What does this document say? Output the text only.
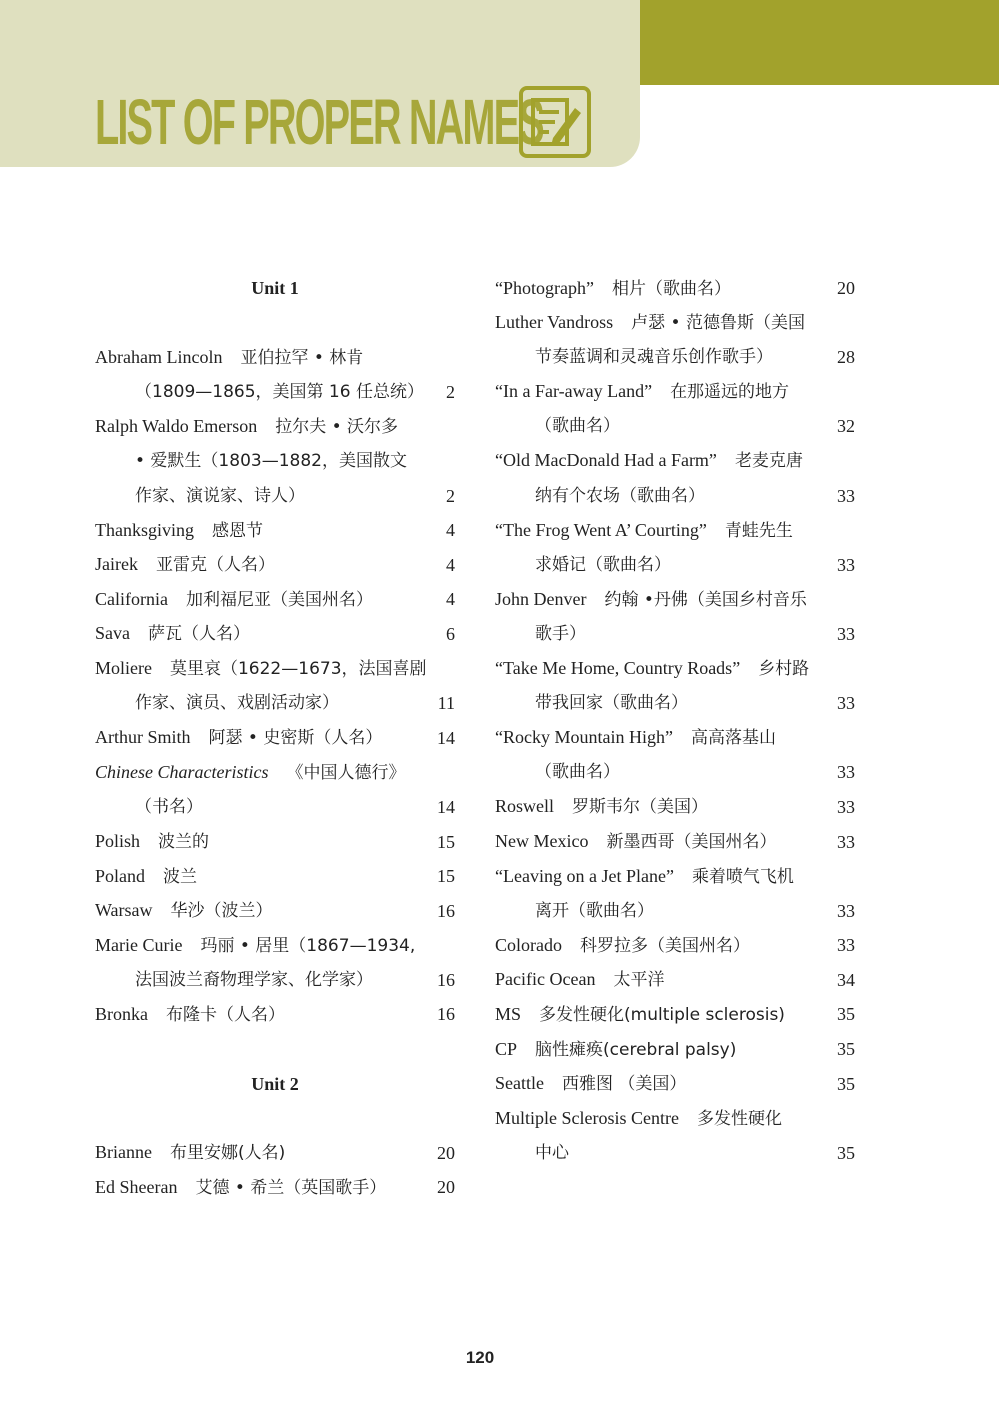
LIST OF PROPER NAMES
Unit 1
Abraham Lincoln 亚伯拉罕 • 林肯
（1809—1865，美国第 16 任总统）	2
Ralph Waldo Emerson 拉尔夫 • 沃尔多
• 爱默生（1803—1882，美国散文
作家、演说家、诗人）	2
Thanksgiving 感恩节	4
Jairek 亚雷克（人名）	4
California 加利福尼亚（美国州名）	4
Sava 萨瓦（人名）	6
Moliere 莫里哀（1622—1673，法国喜剧
作家、演员、戏剧活动家）	11
Arthur Smith 阿瑟 • 史密斯（人名）	14
Chinese Characteristics 《中国人德行》
（书名）	14
Polish 波兰的	15
Poland 波兰	15
Warsaw 华沙（波兰）	16
Marie Curie 玛丽 • 居里（1867—1934,
法国波兰裔物理学家、化学家）	16
Bronka 布隆卡（人名）	16
Unit 2
Brianne 布里安娜(人名)	20
Ed Sheeran 艾德 • 希兰（英国歌手）	20
“Photograph” 相片（歌曲名）	20
Luther Vandross 卢瑟 • 范德鲁斯（美国
节奏蓝调和灵魂音乐创作歌手）	28
“In a Far-away Land” 在那遥远的地方
（歌曲名）	32
“Old MacDonald Had a Farm” 老麦克唐
纳有个农场（歌曲名）	33
“The Frog Went A’ Courting” 青蛙先生
求婚记（歌曲名）	33
John Denver 约翰 •丹佛（美国乡村音乐
歌手）	33
“Take Me Home, Country Roads” 乡村路
带我回家（歌曲名）	33
“Rocky Mountain High” 高高落基山
（歌曲名）	33
Roswell 罗斯韦尔（美国）	33
New Mexico 新墨西哥（美国州名）	33
“Leaving on a Jet Plane” 乘着喷气飞机
离开（歌曲名）	33
Colorado 科罗拉多（美国州名）	33
Pacific Ocean 太平洋	34
MS 多发性硬化(multiple sclerosis)	35
CP 脑性瘫痪(cerebral palsy)	35
Seattle 西雅图 （美国）	35
Multiple Sclerosis Centre 多发性硬化
中心	35
120
